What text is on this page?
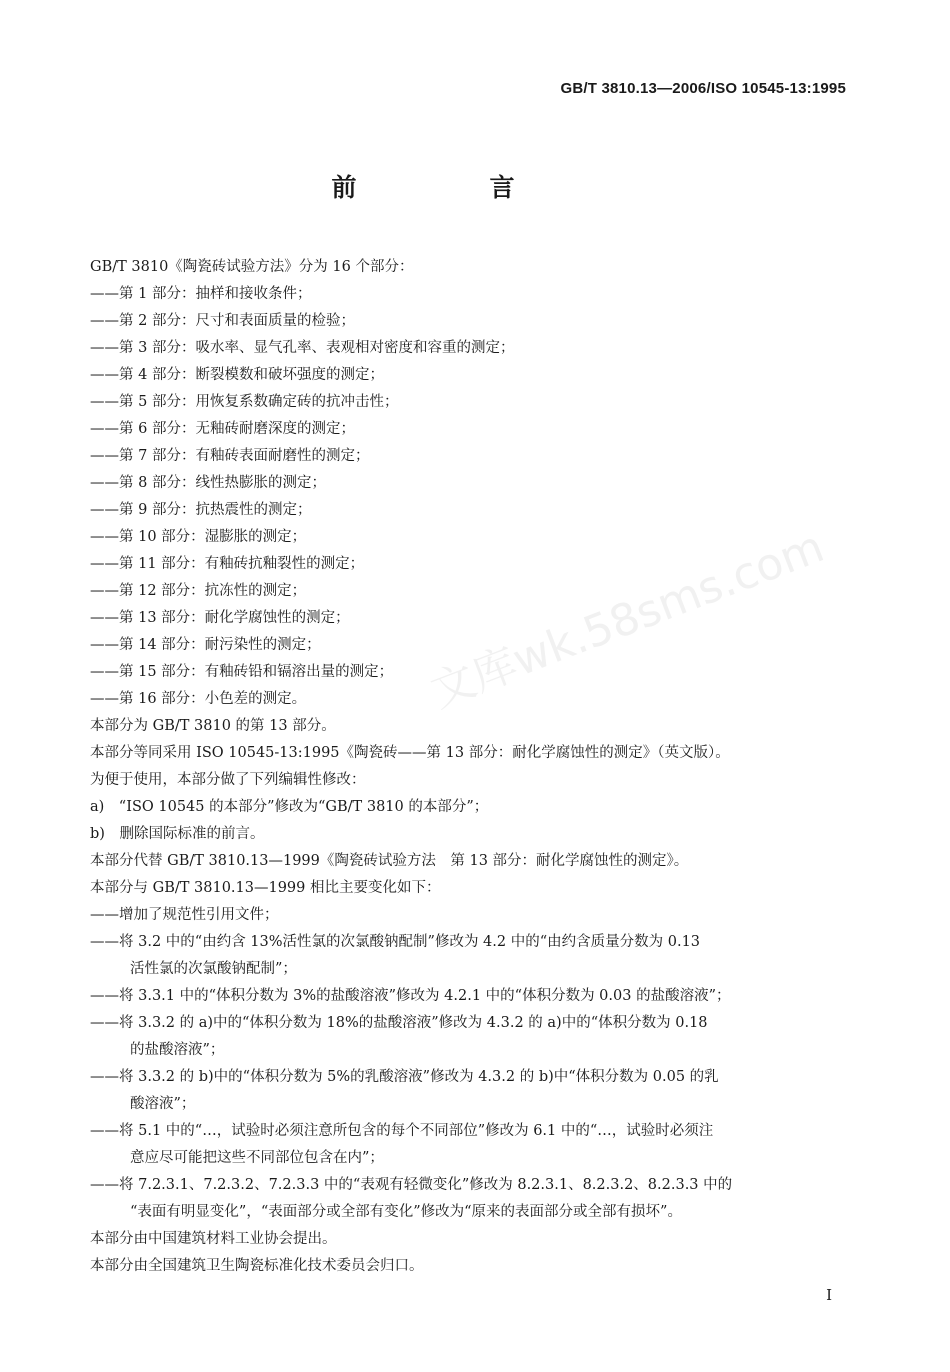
GB/T 3810.13—2006/ISO 10545-13:1995
前　言
文库wk.58sms.com
GB/T 3810《陶瓷砖试验方法》分为 16 个部分：
——第 1 部分：抽样和接收条件；
——第 2 部分：尺寸和表面质量的检验；
——第 3 部分：吸水率、显气孔率、表观相对密度和容重的测定；
——第 4 部分：断裂模数和破坏强度的测定；
——第 5 部分：用恢复系数确定砖的抗冲击性；
——第 6 部分：无釉砖耐磨深度的测定；
——第 7 部分：有釉砖表面耐磨性的测定；
——第 8 部分：线性热膨胀的测定；
——第 9 部分：抗热震性的测定；
——第 10 部分：湿膨胀的测定；
——第 11 部分：有釉砖抗釉裂性的测定；
——第 12 部分：抗冻性的测定；
——第 13 部分：耐化学腐蚀性的测定；
——第 14 部分：耐污染性的测定；
——第 15 部分：有釉砖铅和镉溶出量的测定；
——第 16 部分：小色差的测定。
本部分为 GB/T 3810 的第 13 部分。
本部分等同采用 ISO 10545-13:1995《陶瓷砖——第 13 部分：耐化学腐蚀性的测定》（英文版）。
为便于使用，本部分做了下列编辑性修改：
a)　“ISO 10545 的本部分”修改为“GB/T 3810 的本部分”；
b)　删除国际标准的前言。
本部分代替 GB/T 3810.13—1999《陶瓷砖试验方法　第 13 部分：耐化学腐蚀性的测定》。
本部分与 GB/T 3810.13—1999 相比主要变化如下：
——增加了规范性引用文件；
——将 3.2 中的“由约含 13%活性氯的次氯酸钠配制”修改为 4.2 中的“由约含质量分数为 0.13
活性氯的次氯酸钠配制”；
——将 3.3.1 中的“体积分数为 3%的盐酸溶液”修改为 4.2.1 中的“体积分数为 0.03 的盐酸溶液”；
——将 3.3.2 的 a)中的“体积分数为 18%的盐酸溶液”修改为 4.3.2 的 a)中的“体积分数为 0.18
的盐酸溶液”；
——将 3.3.2 的 b)中的“体积分数为 5%的乳酸溶液”修改为 4.3.2 的 b)中“体积分数为 0.05 的乳
酸溶液”；
——将 5.1 中的“…，试验时必须注意所包含的每个不同部位”修改为 6.1 中的“…，试验时必须注
意应尽可能把这些不同部位包含在内”；
——将 7.2.3.1、7.2.3.2、7.2.3.3 中的“表观有轻微变化”修改为 8.2.3.1、8.2.3.2、8.2.3.3 中的
“表面有明显变化”，“表面部分或全部有变化”修改为“原来的表面部分或全部有损坏”。
本部分由中国建筑材料工业协会提出。
本部分由全国建筑卫生陶瓷标准化技术委员会归口。
I
